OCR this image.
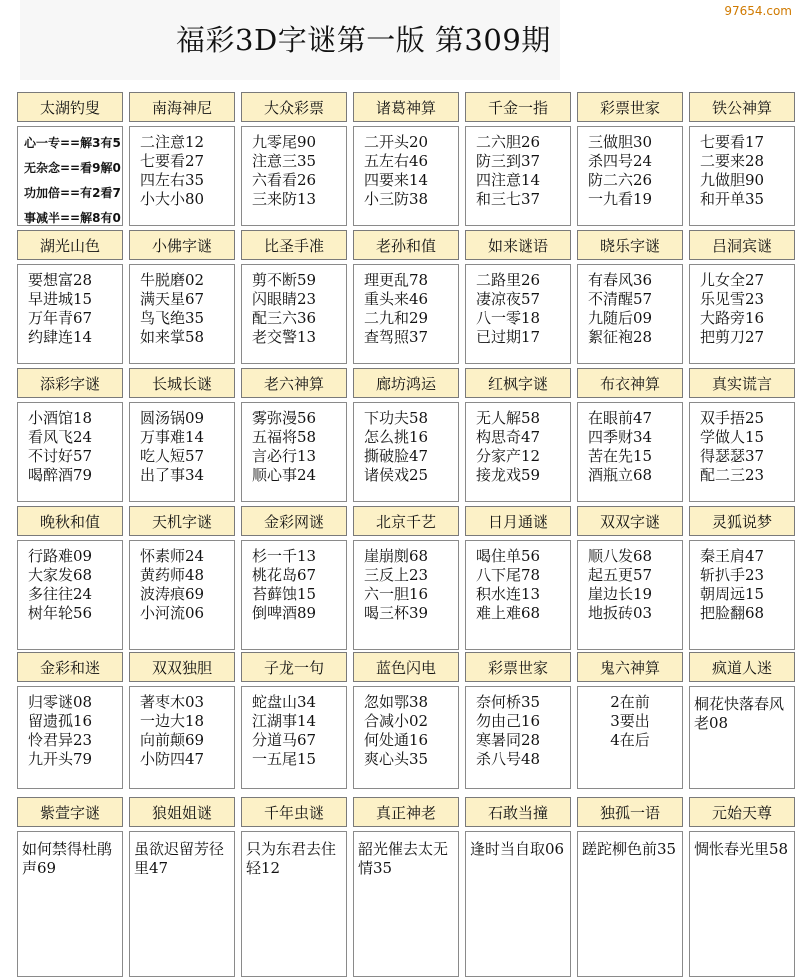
福彩3D字谜第一版 第309期
97654.com
太湖钓叟
心一专==解3有5
无杂念==看9解0
功加倍==有2看7
事减半==解8有0
南海神尼
二注意12
七要看27
四左右35
小大小80
大众彩票
九零尾90
注意三35
六看看26
三来防13
诸葛神算
二开头20
五左右46
四要来14
小三防38
千金一指
二六胆26
防三到37
四注意14
和三七37
彩票世家
三做胆30
杀四号24
防二六26
一九看19
铁公神算
七要看17
二要来28
九做胆90
和开单35
湖光山色
要想富28
早进城15
万年青67
约肆连14
小佛字谜
牛脱磨02
满天星67
鸟飞绝35
如来掌58
比圣手准
剪不断59
闪眼睛23
配三六36
老交警13
老孙和值
理更乱78
重头来46
二九和29
查驾照37
如来谜语
二路里26
凄凉夜57
八一零18
已过期17
晓乐字谜
有春风36
不清醒57
九随后09
絮征袍28
吕洞宾谜
儿女全27
乐见雪23
大路旁16
把剪刀27
添彩字谜
小酒馆18
看风飞24
不讨好57
喝醉酒79
长城长谜
圆汤锅09
万事难14
吃人短57
出了事34
老六神算
雾弥漫56
五福将58
言必行13
顺心事24
廊坊鸿运
下功夫58
怎么挑16
撕破脸47
诸侯戏25
红枫字谜
无人解58
构思奇47
分家产12
接龙戏59
布衣神算
在眼前47
四季财34
苦在先15
酒瓶立68
真实谎言
双手捂25
学做人15
得瑟瑟37
配二三23
晚秋和值
行路难09
大家发68
多往往24
树年轮56
天机字谜
怀素师24
黄药师48
波涛痕69
小河流06
金彩网谜
杉一千13
桃花岛67
苔藓蚀15
倒啤酒89
北京千艺
崖崩剫68
三反上23
六一胆16
喝三杯39
日月通谜
喝住单56
八下尾78
积水连13
难上难68
双双字谜
顺八发68
起五更57
崖边长19
地扳砖03
灵狐说梦
秦王肩47
斩扒手23
朝周远15
把脸翻68
金彩和迷
归零谜08
留遗孤16
怜君异23
九开头79
双双独胆
著枣木03
一边大18
向前颠69
小防四47
子龙一句
蛇盘山34
江湖事14
分道马67
一五尾15
蓝色闪电
忽如鄂38
合减小02
何处通16
爽心头35
彩票世家
奈何桥35
勿由己16
寒暑同28
杀八号48
鬼六神算
2在前
3要出
4在后
疯道人迷
桐花快落春风老08
紫萱字谜
如何禁得杜鹃声69
狼姐姐谜
虽欲迟留芳径里47
千年虫谜
只为东君去住轻12
真正神老
韶光催去太无情35
石敢当撞
逢时当自取06
独孤一语
蹉跎柳色前35
元始天尊
惆怅春光里58
